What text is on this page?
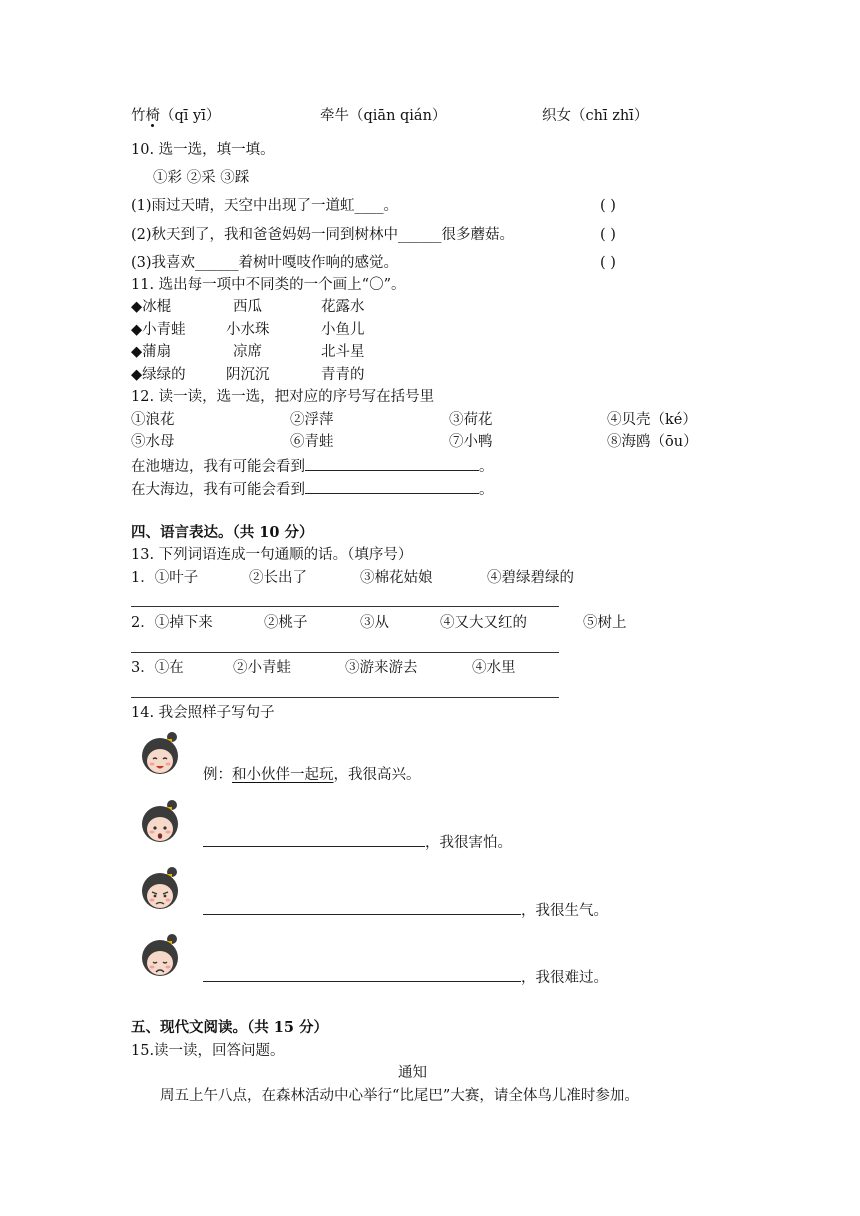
竹椅（qī yī）	牵牛（qiān qián）	织女（chī zhī）
10. 选一选，填一填。
①彩 ②采 ③踩
(1)雨过天晴，天空中出现了一道虹____。	( )
(2)秋天到了，我和爸爸妈妈一同到树林中______很多蘑菇。	( )
(3)我喜欢______着树叶嘎吱作响的感觉。	( )
11. 选出每一项中不同类的一个画上“〇”。
◆冰棍	西瓜	花露水
◆小青蛙	小水珠	小鱼儿
◆蒲扇	凉席	北斗星
◆绿绿的	阴沉沉	青青的
12. 读一读，选一选，把对应的序号写在括号里
①浪花	②浮萍	③荷花	④贝壳（ké）
⑤水母	⑥青蛙	⑦小鸭	⑧海鸥（ōu）
在池塘边，我有可能会看到	。
在大海边，我有可能会看到	。
四、语言表达。（共 10 分）
13. 下列词语连成一句通顺的话。（填序号）
1．①叶子	②长出了	③棉花姑娘	④碧绿碧绿的
2．①掉下来	②桃子	③从	④又大又红的	⑤树上
3．①在	②小青蛙	③游来游去	④水里
14. 我会照样子写句子
例：和小伙伴一起玩，我很高兴。
，我很害怕。
，我很生气。
，我很难过。
五、现代文阅读。（共 15 分）
15.读一读，回答问题。
通知
周五上午八点，在森林活动中心举行“比尾巴”大赛，请全体鸟儿准时参加。
